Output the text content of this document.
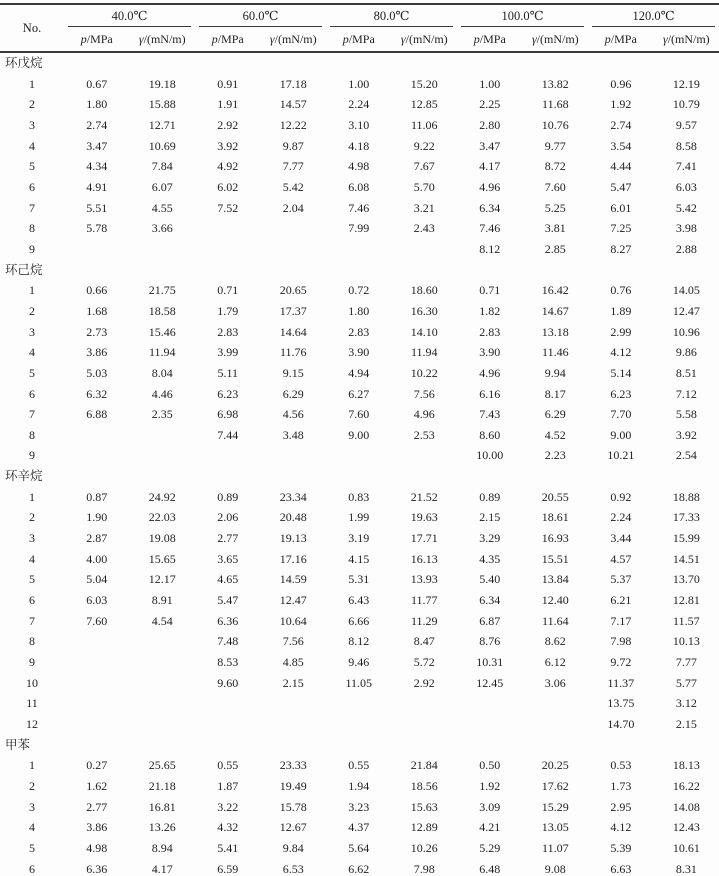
No.	40.0℃		60.0℃		80.0℃		100.0℃		120.0℃	
	p/MPa	γ/(mN/m)	p/MPa	γ/(mN/m)	p/MPa	γ/(mN/m)	p/MPa	γ/(mN/m)	p/MPa	γ/(mN/m)
环戊烷										
1	0.67	19.18	0.91	17.18	1.00	15.20	1.00	13.82	0.96	12.19
2	1.80	15.88	1.91	14.57	2.24	12.85	2.25	11.68	1.92	10.79
3	2.74	12.71	2.92	12.22	3.10	11.06	2.80	10.76	2.74	9.57
4	3.47	10.69	3.92	9.87	4.18	9.22	3.47	9.77	3.54	8.58
5	4.34	7.84	4.92	7.77	4.98	7.67	4.17	8.72	4.44	7.41
6	4.91	6.07	6.02	5.42	6.08	5.70	4.96	7.60	5.47	6.03
7	5.51	4.55	7.52	2.04	7.46	3.21	6.34	5.25	6.01	5.42
8	5.78	3.66			7.99	2.43	7.46	3.81	7.25	3.98
9							8.12	2.85	8.27	2.88
环己烷										
1	0.66	21.75	0.71	20.65	0.72	18.60	0.71	16.42	0.76	14.05
2	1.68	18.58	1.79	17.37	1.80	16.30	1.82	14.67	1.89	12.47
3	2.73	15.46	2.83	14.64	2.83	14.10	2.83	13.18	2.99	10.96
4	3.86	11.94	3.99	11.76	3.90	11.94	3.90	11.46	4.12	9.86
5	5.03	8.04	5.11	9.15	4.94	10.22	4.96	9.94	5.14	8.51
6	6.32	4.46	6.23	6.29	6.27	7.56	6.16	8.17	6.23	7.12
7	6.88	2.35	6.98	4.56	7.60	4.96	7.43	6.29	7.70	5.58
8			7.44	3.48	9.00	2.53	8.60	4.52	9.00	3.92
9							10.00	2.23	10.21	2.54
环辛烷										
1	0.87	24.92	0.89	23.34	0.83	21.52	0.89	20.55	0.92	18.88
2	1.90	22.03	2.06	20.48	1.99	19.63	2.15	18.61	2.24	17.33
3	2.87	19.08	2.77	19.13	3.19	17.71	3.29	16.93	3.44	15.99
4	4.00	15.65	3.65	17.16	4.15	16.13	4.35	15.51	4.57	14.51
5	5.04	12.17	4.65	14.59	5.31	13.93	5.40	13.84	5.37	13.70
6	6.03	8.91	5.47	12.47	6.43	11.77	6.34	12.40	6.21	12.81
7	7.60	4.54	6.36	10.64	6.66	11.29	6.87	11.64	7.17	11.57
8			7.48	7.56	8.12	8.47	8.76	8.62	7.98	10.13
9			8.53	4.85	9.46	5.72	10.31	6.12	9.72	7.77
10			9.60	2.15	11.05	2.92	12.45	3.06	11.37	5.77
11									13.75	3.12
12									14.70	2.15
甲苯										
1	0.27	25.65	0.55	23.33	0.55	21.84	0.50	20.25	0.53	18.13
2	1.62	21.18	1.87	19.49	1.94	18.56	1.92	17.62	1.73	16.22
3	2.77	16.81	3.22	15.78	3.23	15.63	3.09	15.29	2.95	14.08
4	3.86	13.26	4.32	12.67	4.37	12.89	4.21	13.05	4.12	12.43
5	4.98	8.94	5.41	9.84	5.64	10.26	5.29	11.07	5.39	10.61
6	6.36	4.17	6.59	6.53	6.62	7.98	6.48	9.08	6.63	8.31
